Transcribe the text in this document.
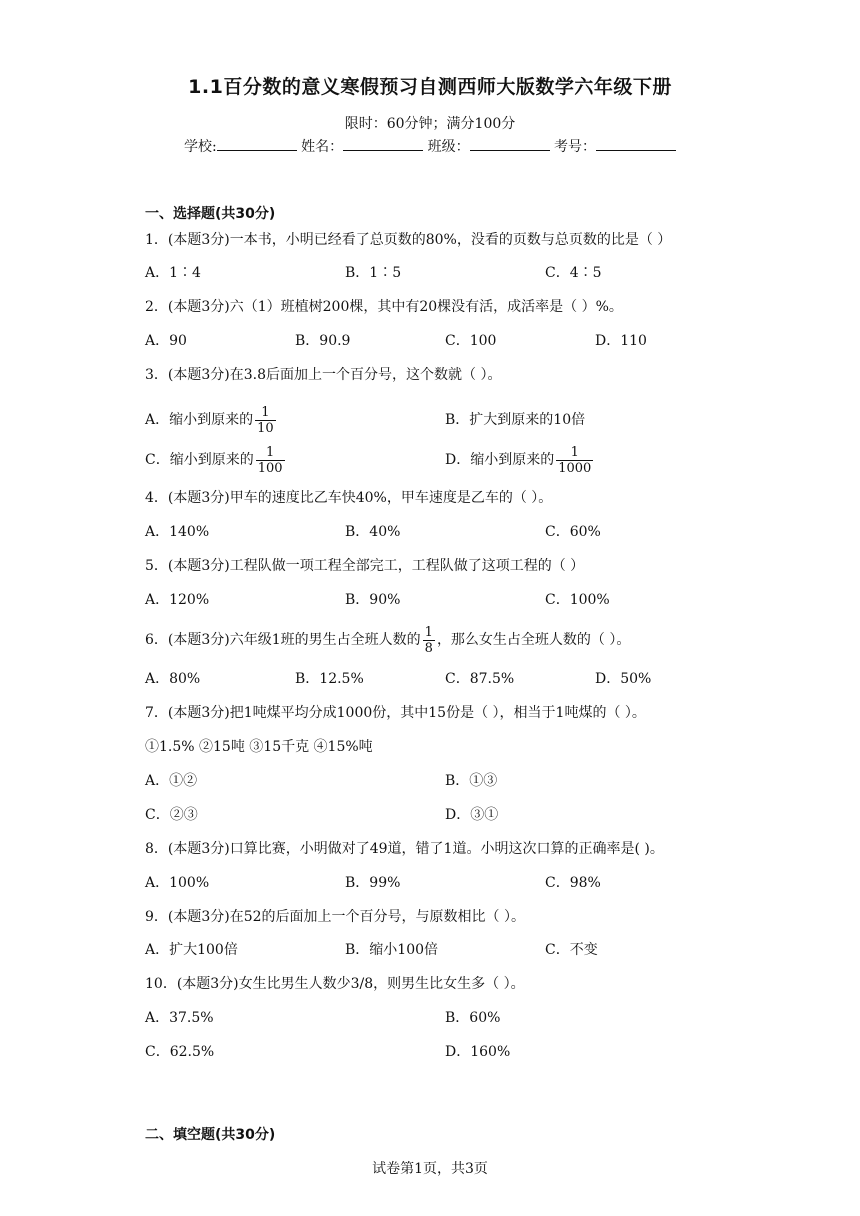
1.1百分数的意义寒假预习自测西师大版数学六年级下册
限时：60分钟；满分100分
学校:	姓名：	班级：	考号：
一、选择题(共30分)
1．(本题3分)一本书，小明已经看了总页数的80%，没看的页数与总页数的比是（ ）
A．1∶4	B．1∶5	C．4∶5
2．(本题3分)六（1）班植树200棵，其中有20棵没有活，成活率是（ ）%。
A．90	B．90.9	C．100	D．110
3．(本题3分)在3.8后面加上一个百分号，这个数就（ ）。
A．缩小到原来的 $\frac{1}{10}$	B．扩大到原来的10倍
C．缩小到原来的 $\frac{1}{100}$	D．缩小到原来的 $\frac{1}{1000}$
4．(本题3分)甲车的速度比乙车快40%，甲车速度是乙车的（ ）。
A．140%	B．40%	C．60%
5．(本题3分)工程队做一项工程全部完工，工程队做了这项工程的（ ）
A．120%	B．90%	C．100%
6．(本题3分)六年级1班的男生占全班人数的 $\frac{1}{8}$ ，那么女生占全班人数的（ ）。
A．80%	B．12.5%	C．87.5%	D．50%
7．(本题3分)把1吨煤平均分成1000份，其中15份是（ ），相当于1吨煤的（ ）。
①1.5% ②15吨 ③15千克 ④15%吨
A．①②	B．①③
C．②③	D．③①
8．(本题3分)口算比赛，小明做对了49道，错了1道。小明这次口算的正确率是( )。
A．100%	B．99%	C．98%
9．(本题3分)在52的后面加上一个百分号，与原数相比（ ）。
A．扩大100倍	B．缩小100倍	C．不变
10．(本题3分)女生比男生人数少3/8，则男生比女生多（ ）。
A．37.5%	B．60%
C．62.5%	D．160%
二、填空题(共30分)
试卷第1页，共3页
